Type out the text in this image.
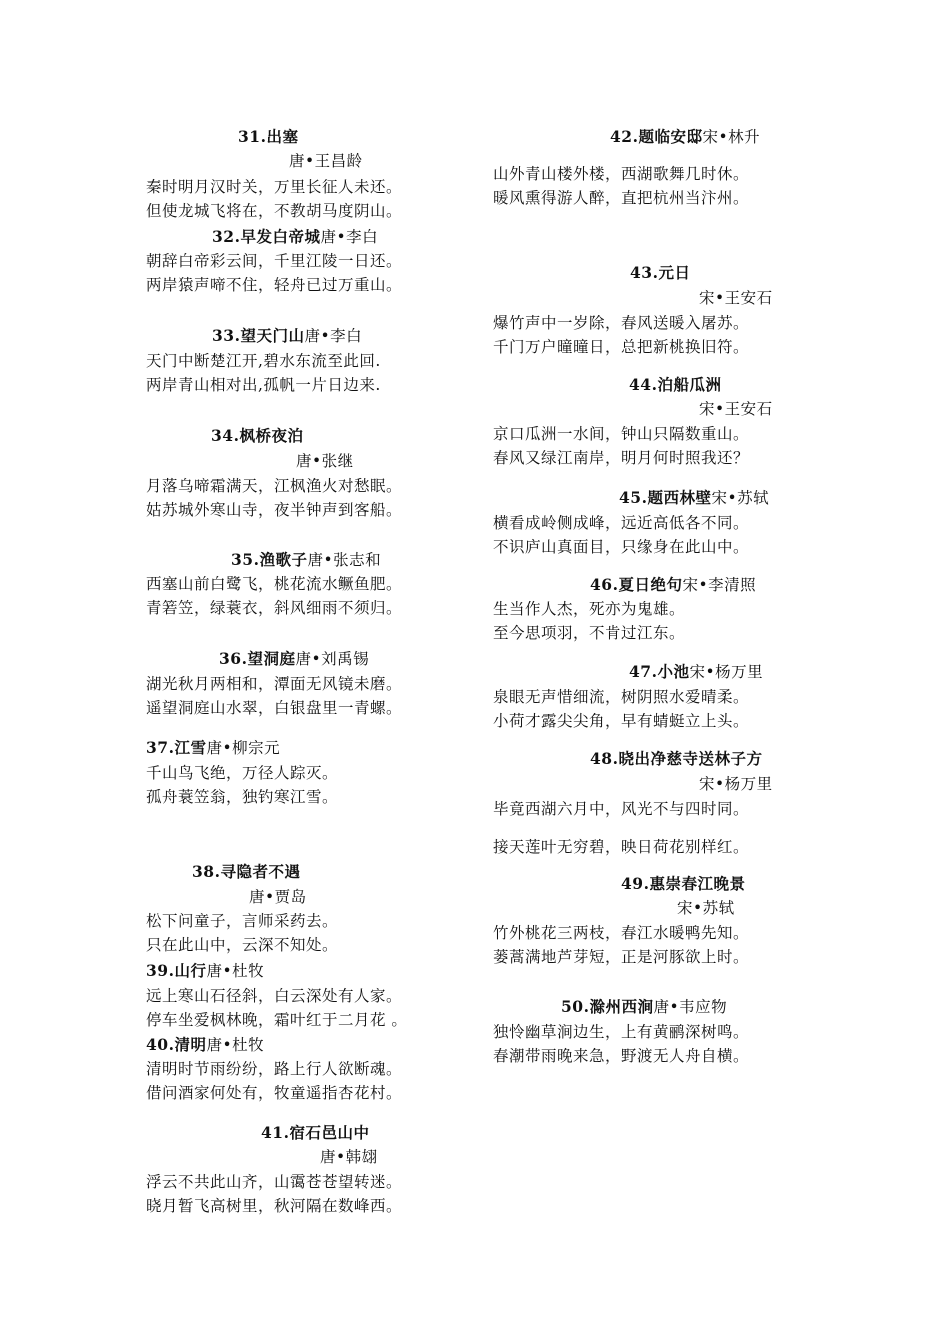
31.出塞
唐•王昌龄
秦时明月汉时关，万里长征人未还。
但使龙城飞将在，不教胡马度阴山。
32.早发白帝城唐•李白
朝辞白帝彩云间，千里江陵一日还。
两岸猿声啼不住，轻舟已过万重山。
33.望天门山唐•李白
天门中断楚江开,碧水东流至此回.
两岸青山相对出,孤帆一片日边来.
34.枫桥夜泊
唐•张继
月落乌啼霜满天，江枫渔火对愁眠。
姑苏城外寒山寺，夜半钟声到客船。
35.渔歌子唐•张志和
西塞山前白鹭飞，桃花流水鳜鱼肥。
青箬笠，绿蓑衣，斜风细雨不须归。
36.望洞庭唐•刘禹锡
湖光秋月两相和，潭面无风镜未磨。
遥望洞庭山水翠，白银盘里一青螺。
37.江雪唐•柳宗元
千山鸟飞绝，万径人踪灭。
孤舟蓑笠翁，独钓寒江雪。
38.寻隐者不遇
唐•贾岛
松下问童子，言师采药去。
只在此山中，云深不知处。
39.山行唐•杜牧
远上寒山石径斜，白云深处有人家。
停车坐爱枫林晚，霜叶红于二月花 。
40.清明唐•杜牧
清明时节雨纷纷，路上行人欲断魂。
借问酒家何处有，牧童遥指杏花村。
41.宿石邑山中
唐•韩翃
浮云不共此山齐，山霭苍苍望转迷。
晓月暂飞高树里，秋河隔在数峰西。
42.题临安邸宋•林升
山外青山楼外楼，西湖歌舞几时休。
暖风熏得游人醉，直把杭州当汴州。
43.元日
宋•王安石
爆竹声中一岁除，春风送暖入屠苏。
千门万户曈曈日，总把新桃换旧符。
44.泊船瓜洲
宋•王安石
京口瓜洲一水间，钟山只隔数重山。
春风又绿江南岸，明月何时照我还？
45.题西林壁宋•苏轼
横看成岭侧成峰，远近高低各不同。
不识庐山真面目，只缘身在此山中。
46.夏日绝句宋•李清照
生当作人杰，死亦为鬼雄。
至今思项羽，不肯过江东。
47.小池宋•杨万里
泉眼无声惜细流，树阴照水爱晴柔。
小荷才露尖尖角，早有蜻蜓立上头。
48.晓出净慈寺送林子方
宋•杨万里
毕竟西湖六月中，风光不与四时同。
接天莲叶无穷碧，映日荷花别样红。
49.惠崇春江晚景
宋•苏轼
竹外桃花三两枝，春江水暖鸭先知。
蒌蒿满地芦芽短，正是河豚欲上时。
50.滁州西涧唐•韦应物
独怜幽草涧边生，上有黄鹂深树鸣。
春潮带雨晚来急，野渡无人舟自横。
